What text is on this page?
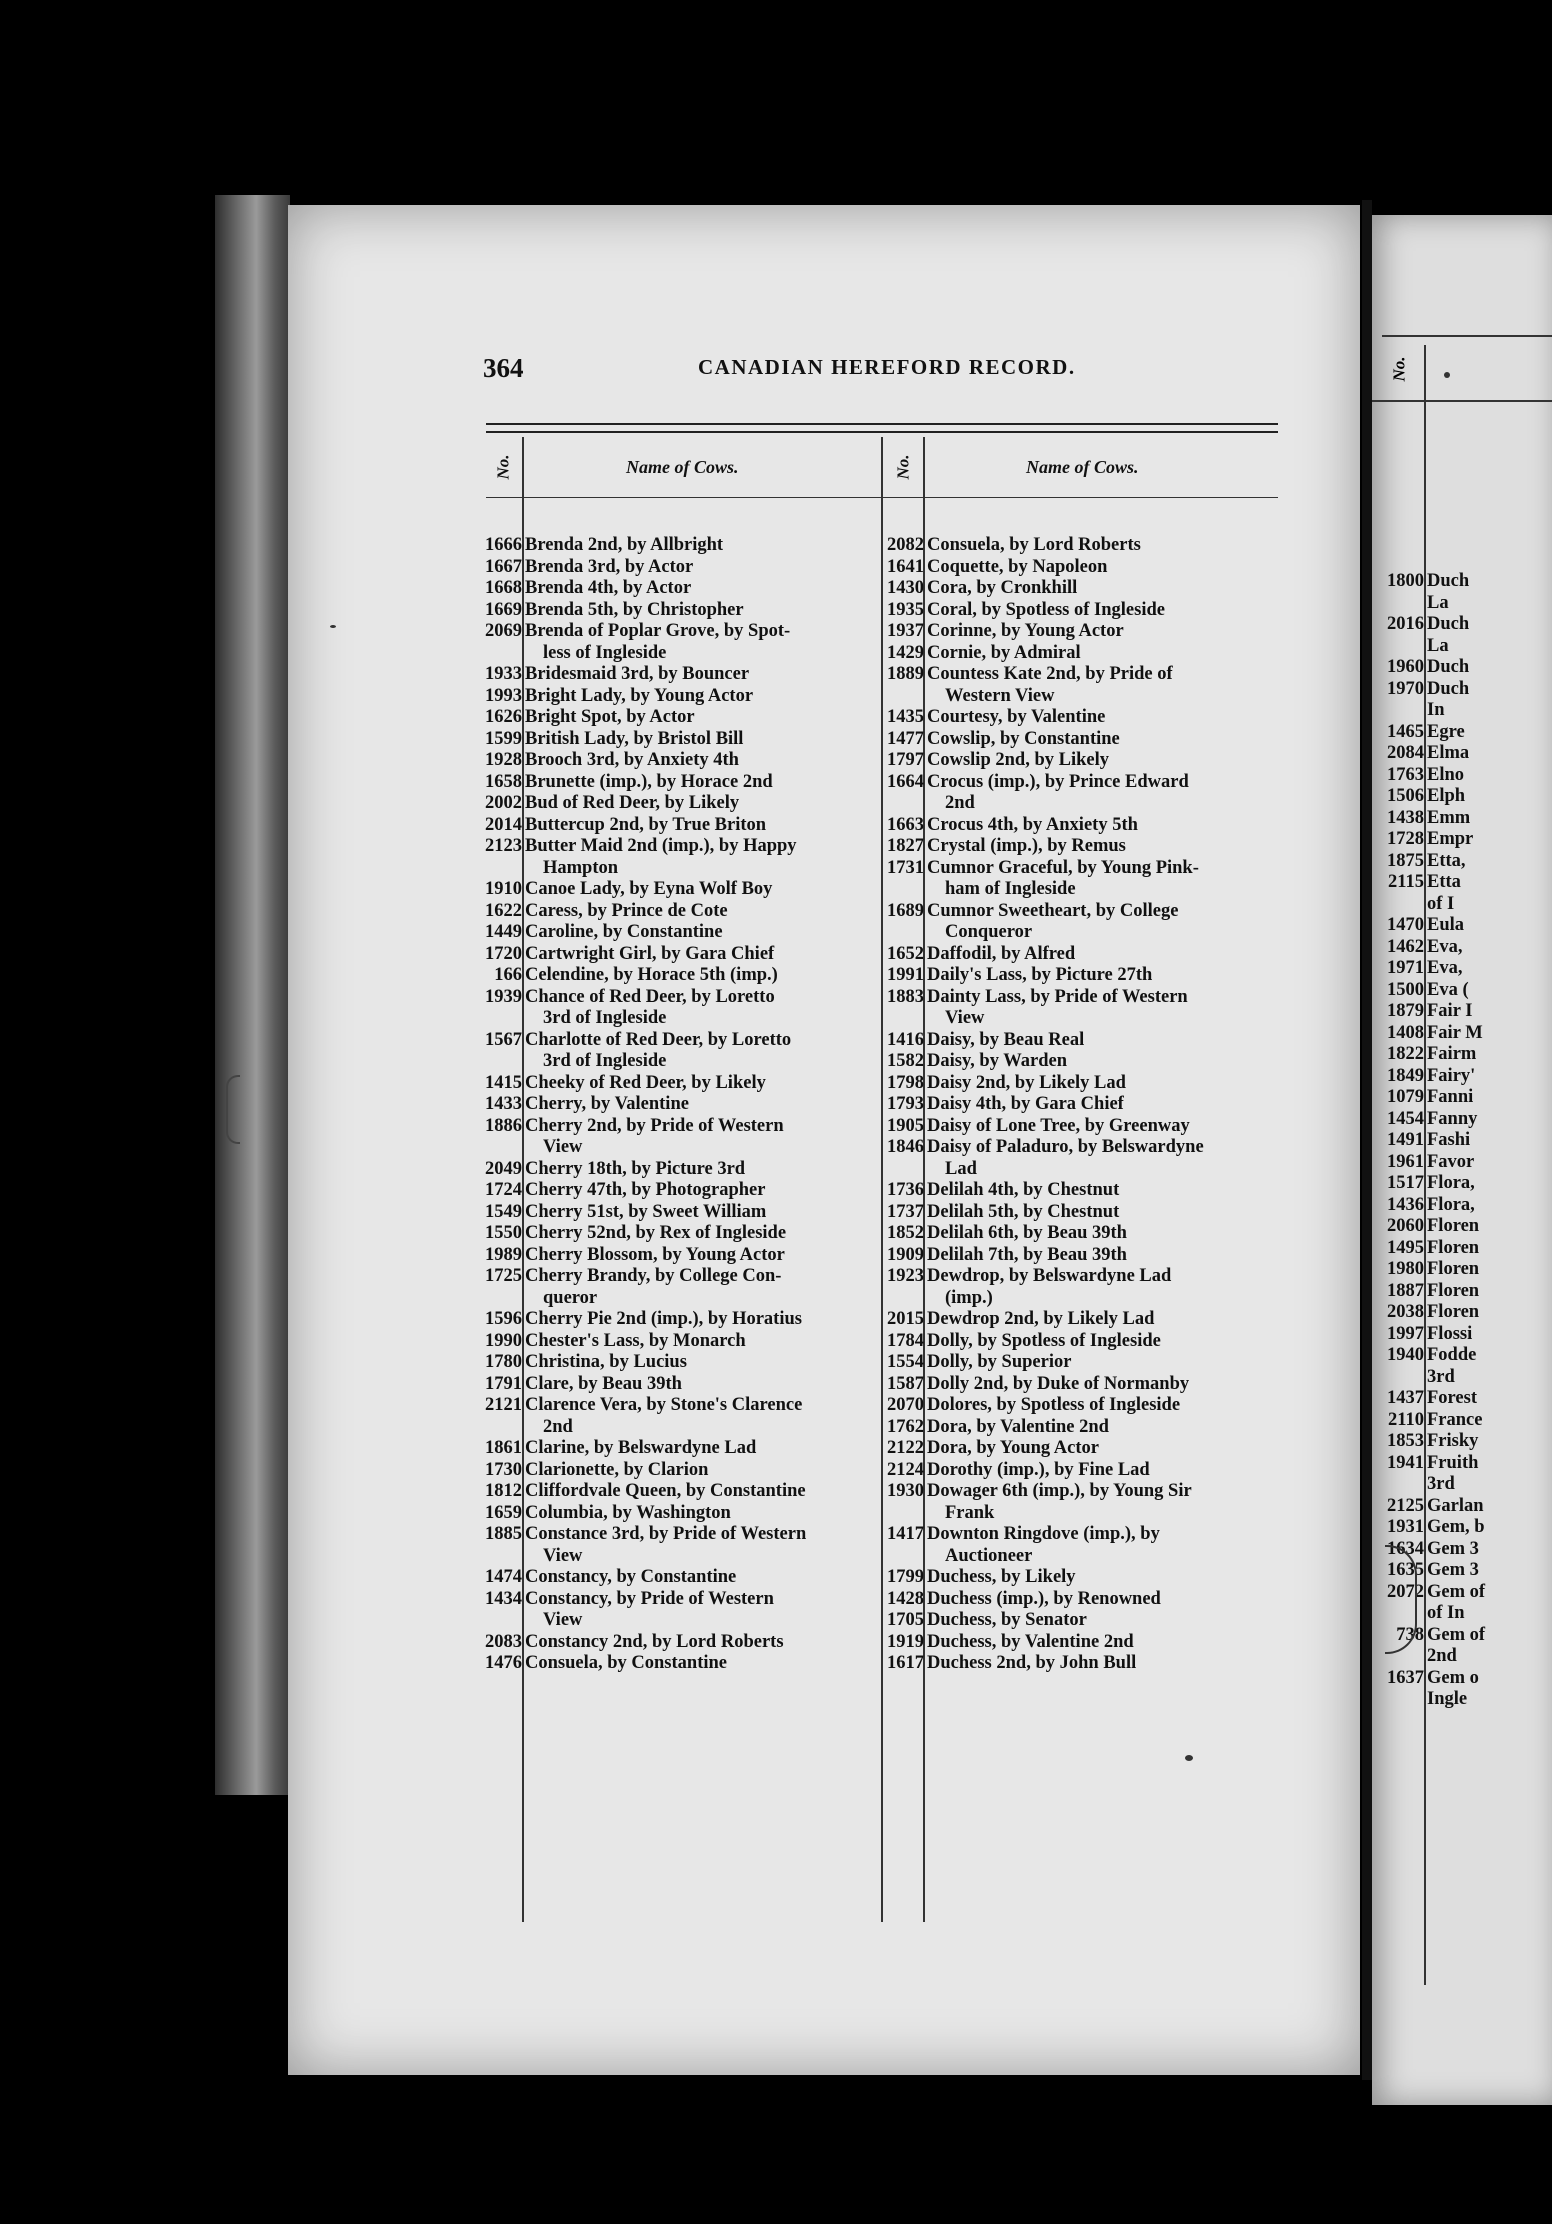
364	CANADIAN HEREFORD RECORD.
No.	Name of Cows.	No.	Name of Cows.
1666 Brenda 2nd, by Allbright
1667 Brenda 3rd, by Actor
1668 Brenda 4th, by Actor
1669 Brenda 5th, by Christopher
2069 Brenda of Poplar Grove, by Spot-
less of Ingleside
1933 Bridesmaid 3rd, by Bouncer
1993 Bright Lady, by Young Actor
1626 Bright Spot, by Actor
1599 British Lady, by Bristol Bill
1928 Brooch 3rd, by Anxiety 4th
1658 Brunette (imp.), by Horace 2nd
2002 Bud of Red Deer, by Likely
2014 Buttercup 2nd, by True Briton
2123 Butter Maid 2nd (imp.), by Happy
Hampton
1910 Canoe Lady, by Eyna Wolf Boy
1622 Caress, by Prince de Cote
1449 Caroline, by Constantine
1720 Cartwright Girl, by Gara Chief
166 Celendine, by Horace 5th (imp.)
1939 Chance of Red Deer, by Loretto
3rd of Ingleside
1567 Charlotte of Red Deer, by Loretto
3rd of Ingleside
1415 Cheeky of Red Deer, by Likely
1433 Cherry, by Valentine
1886 Cherry 2nd, by Pride of Western
View
2049 Cherry 18th, by Picture 3rd
1724 Cherry 47th, by Photographer
1549 Cherry 51st, by Sweet William
1550 Cherry 52nd, by Rex of Ingleside
1989 Cherry Blossom, by Young Actor
1725 Cherry Brandy, by College Con-
queror
1596 Cherry Pie 2nd (imp.), by Horatius
1990 Chester's Lass, by Monarch
1780 Christina, by Lucius
1791 Clare, by Beau 39th
2121 Clarence Vera, by Stone's Clarence
2nd
1861 Clarine, by Belswardyne Lad
1730 Clarionette, by Clarion
1812 Cliffordvale Queen, by Constantine
1659 Columbia, by Washington
1885 Constance 3rd, by Pride of Western
View
1474 Constancy, by Constantine
1434 Constancy, by Pride of Western
View
2083 Constancy 2nd, by Lord Roberts
1476 Consuela, by Constantine
2082 Consuela, by Lord Roberts
1641 Coquette, by Napoleon
1430 Cora, by Cronkhill
1935 Coral, by Spotless of Ingleside
1937 Corinne, by Young Actor
1429 Cornie, by Admiral
1889 Countess Kate 2nd, by Pride of
Western View
1435 Courtesy, by Valentine
1477 Cowslip, by Constantine
1797 Cowslip 2nd, by Likely
1664 Crocus (imp.), by Prince Edward
2nd
1663 Crocus 4th, by Anxiety 5th
1827 Crystal (imp.), by Remus
1731 Cumnor Graceful, by Young Pink-
ham of Ingleside
1689 Cumnor Sweetheart, by College
Conqueror
1652 Daffodil, by Alfred
1991 Daily's Lass, by Picture 27th
1883 Dainty Lass, by Pride of Western
View
1416 Daisy, by Beau Real
1582 Daisy, by Warden
1798 Daisy 2nd, by Likely Lad
1793 Daisy 4th, by Gara Chief
1905 Daisy of Lone Tree, by Greenway
1846 Daisy of Paladuro, by Belswardyne
Lad
1736 Delilah 4th, by Chestnut
1737 Delilah 5th, by Chestnut
1852 Delilah 6th, by Beau 39th
1909 Delilah 7th, by Beau 39th
1923 Dewdrop, by Belswardyne Lad
(imp.)
2015 Dewdrop 2nd, by Likely Lad
1784 Dolly, by Spotless of Ingleside
1554 Dolly, by Superior
1587 Dolly 2nd, by Duke of Normanby
2070 Dolores, by Spotless of Ingleside
1762 Dora, by Valentine 2nd
2122 Dora, by Young Actor
2124 Dorothy (imp.), by Fine Lad
1930 Dowager 6th (imp.), by Young Sir
Frank
1417 Downton Ringdove (imp.), by
Auctioneer
1799 Duchess, by Likely
1428 Duchess (imp.), by Renowned
1705 Duchess, by Senator
1919 Duchess, by Valentine 2nd
1617 Duchess 2nd, by John Bull
No.
1800 Duch
La
2016 Duch
La
1960 Duch
1970 Duch
In
1465 Egre
2084 Elma
1763 Elno
1506 Elph
1438 Emm
1728 Empr
1875 Etta,
2115 Etta
of I
1470 Eula
1462 Eva,
1971 Eva,
1500 Eva (
1879 Fair I
1408 Fair M
1822 Fairm
1849 Fairy'
1079 Fanni
1454 Fanny
1491 Fashi
1961 Favor
1517 Flora,
1436 Flora,
2060 Floren
1495 Floren
1980 Floren
1887 Floren
2038 Floren
1997 Flossi
1940 Fodde
3rd
1437 Forest
2110 France
1853 Frisky
1941 Fruith
3rd
2125 Garlan
1931 Gem, b
1634 Gem 3
1635 Gem 3
2072 Gem of
of In
738 Gem of
2nd
1637 Gem o
Ingle
